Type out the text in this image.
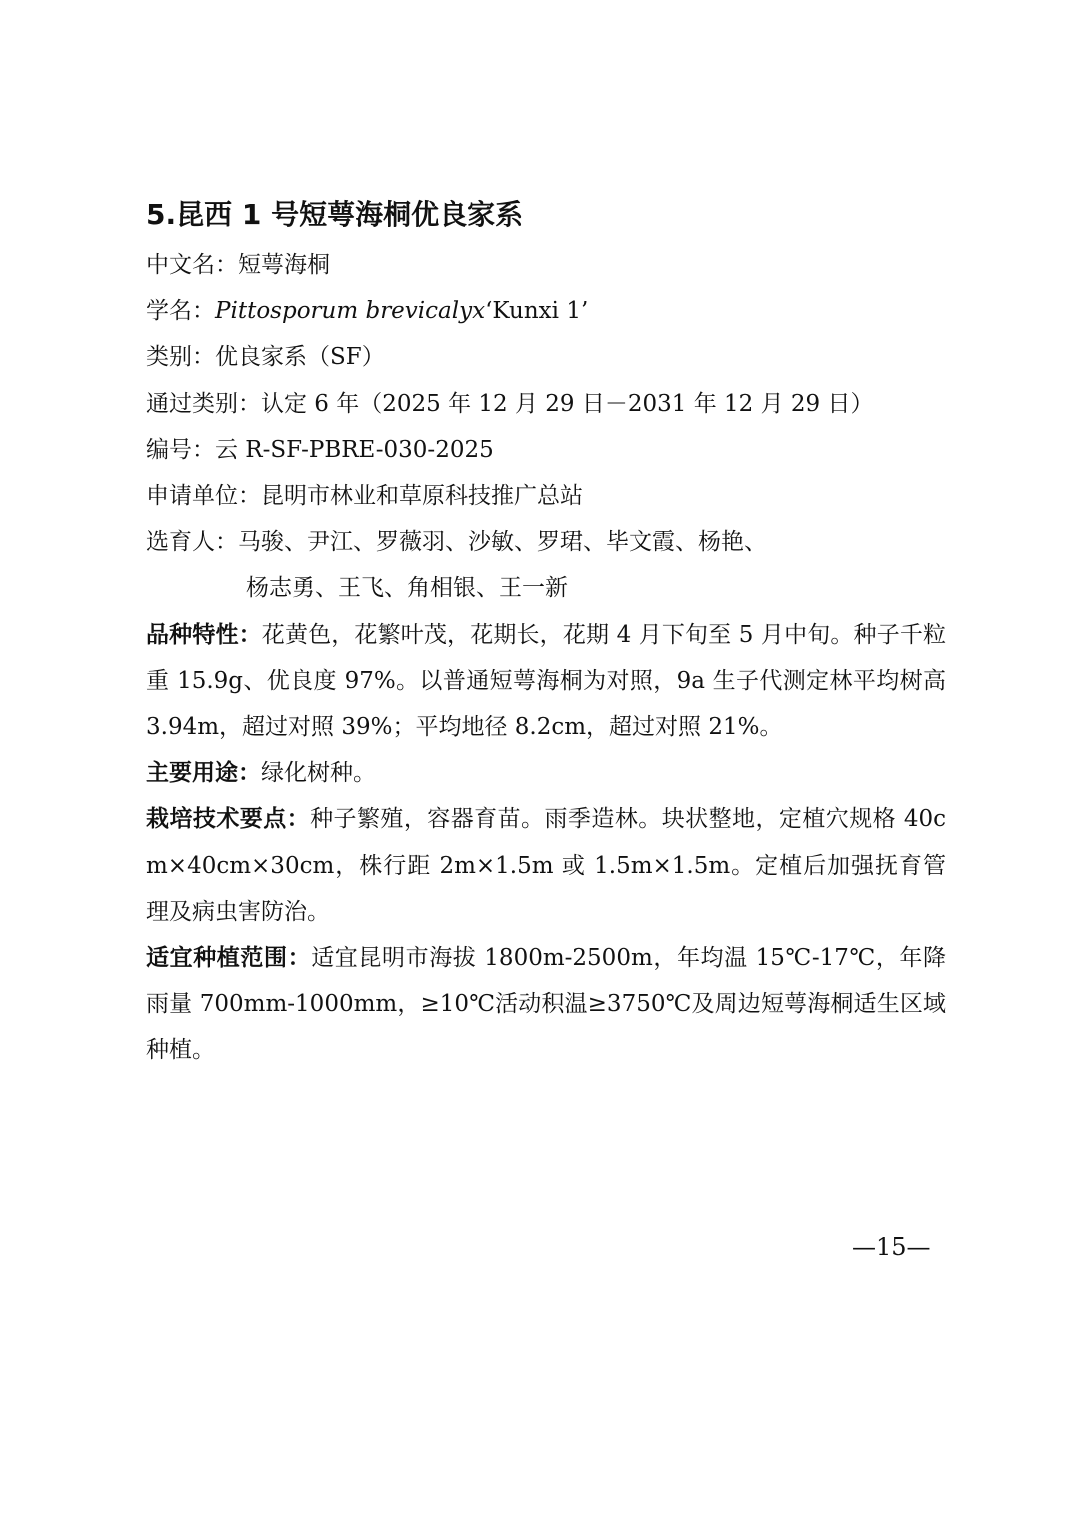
5.昆西 1 号短萼海桐优良家系
中文名：短萼海桐
学名：Pittosporum brevicalyx‘Kunxi 1’
类别：优良家系（SF）
通过类别：认定 6 年（2025 年 12 月 29 日－2031 年 12 月 29 日）
编号：云 R-SF-PBRE-030-2025
申请单位：昆明市林业和草原科技推广总站
选育人：马骏、尹江、罗薇羽、沙敏、罗珺、毕文霞、杨艳、
杨志勇、王飞、角相银、王一新
品种特性：花黄色，花繁叶茂，花期长，花期 4 月下旬至 5 月中旬。种子千粒重 15.9g、优良度 97%。以普通短萼海桐为对照，9a 生子代测定林平均树高 3.94m，超过对照 39%；平均地径 8.2cm，超过对照 21%。
主要用途：绿化树种。
栽培技术要点：种子繁殖，容器育苗。雨季造林。块状整地，定植穴规格 40cm×40cm×30cm，株行距 2m×1.5m 或 1.5m×1.5m。定植后加强抚育管理及病虫害防治。
适宜种植范围：适宜昆明市海拔 1800m-2500m，年均温 15℃-17℃，年降雨量 700mm-1000mm，≥10℃活动积温≥3750℃及周边短萼海桐适生区域种植。
—15—
